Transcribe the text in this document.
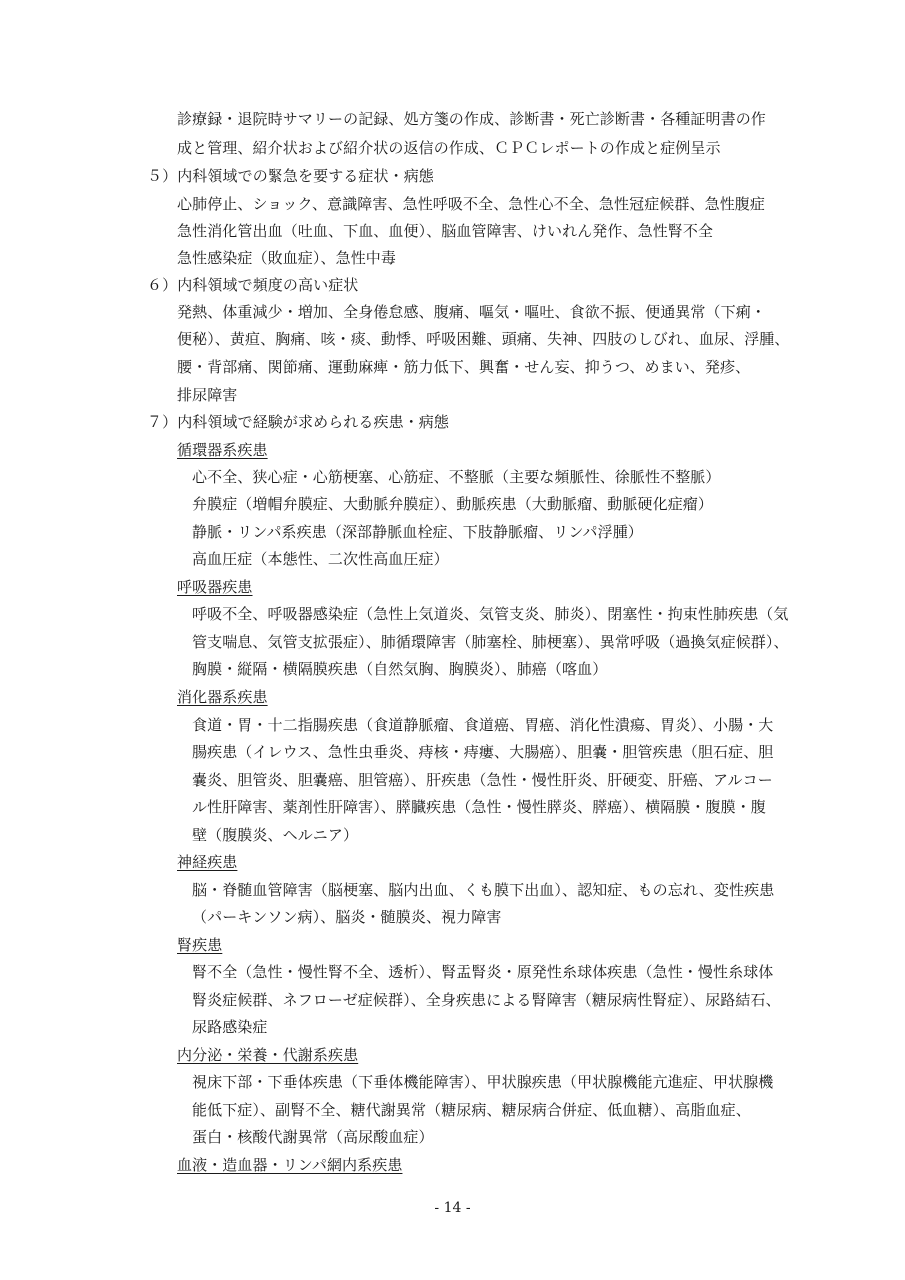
診療録・退院時サマリーの記録、処方箋の作成、診断書・死亡診断書・各種証明書の作
成と管理、紹介状および紹介状の返信の作成、ＣＰＣレポートの作成と症例呈示
５）内科領域での緊急を要する症状・病態
心肺停止、ショック、意識障害、急性呼吸不全、急性心不全、急性冠症候群、急性腹症
急性消化管出血（吐血、下血、血便）、脳血管障害、けいれん発作、急性腎不全
急性感染症（敗血症）、急性中毒
６）内科領域で頻度の高い症状
発熱、体重減少・増加、全身倦怠感、腹痛、嘔気・嘔吐、食欲不振、便通異常（下痢・
便秘）、黄疸、胸痛、咳・痰、動悸、呼吸困難、頭痛、失神、四肢のしびれ、血尿、浮腫、
腰・背部痛、関節痛、運動麻痺・筋力低下、興奮・せん妄、抑うつ、めまい、発疹、
排尿障害
７）内科領域で経験が求められる疾患・病態
循環器系疾患
心不全、狭心症・心筋梗塞、心筋症、不整脈（主要な頻脈性、徐脈性不整脈）
弁膜症（増帽弁膜症、大動脈弁膜症）、動脈疾患（大動脈瘤、動脈硬化症瘤）
静脈・リンパ系疾患（深部静脈血栓症、下肢静脈瘤、リンパ浮腫）
高血圧症（本態性、二次性高血圧症）
呼吸器疾患
呼吸不全、呼吸器感染症（急性上気道炎、気管支炎、肺炎）、閉塞性・拘束性肺疾患（気
管支喘息、気管支拡張症）、肺循環障害（肺塞栓、肺梗塞）、異常呼吸（過換気症候群）、
胸膜・縦隔・横隔膜疾患（自然気胸、胸膜炎）、肺癌（喀血）
消化器系疾患
食道・胃・十二指腸疾患（食道静脈瘤、食道癌、胃癌、消化性潰瘍、胃炎）、小腸・大
腸疾患（イレウス、急性虫垂炎、痔核・痔瘻、大腸癌）、胆嚢・胆管疾患（胆石症、胆
嚢炎、胆管炎、胆嚢癌、胆管癌）、肝疾患（急性・慢性肝炎、肝硬変、肝癌、アルコー
ル性肝障害、薬剤性肝障害）、膵臓疾患（急性・慢性膵炎、膵癌）、横隔膜・腹膜・腹
壁（腹膜炎、ヘルニア）
神経疾患
脳・脊髄血管障害（脳梗塞、脳内出血、くも膜下出血）、認知症、もの忘れ、変性疾患
（パーキンソン病）、脳炎・髄膜炎、視力障害
腎疾患
腎不全（急性・慢性腎不全、透析）、腎盂腎炎・原発性糸球体疾患（急性・慢性糸球体
腎炎症候群、ネフローゼ症候群）、全身疾患による腎障害（糖尿病性腎症）、尿路結石、
尿路感染症
内分泌・栄養・代謝系疾患
視床下部・下垂体疾患（下垂体機能障害）、甲状腺疾患（甲状腺機能亢進症、甲状腺機
能低下症）、副腎不全、糖代謝異常（糖尿病、糖尿病合併症、低血糖）、高脂血症、
蛋白・核酸代謝異常（高尿酸血症）
血液・造血器・リンパ網内系疾患
- 14 -
